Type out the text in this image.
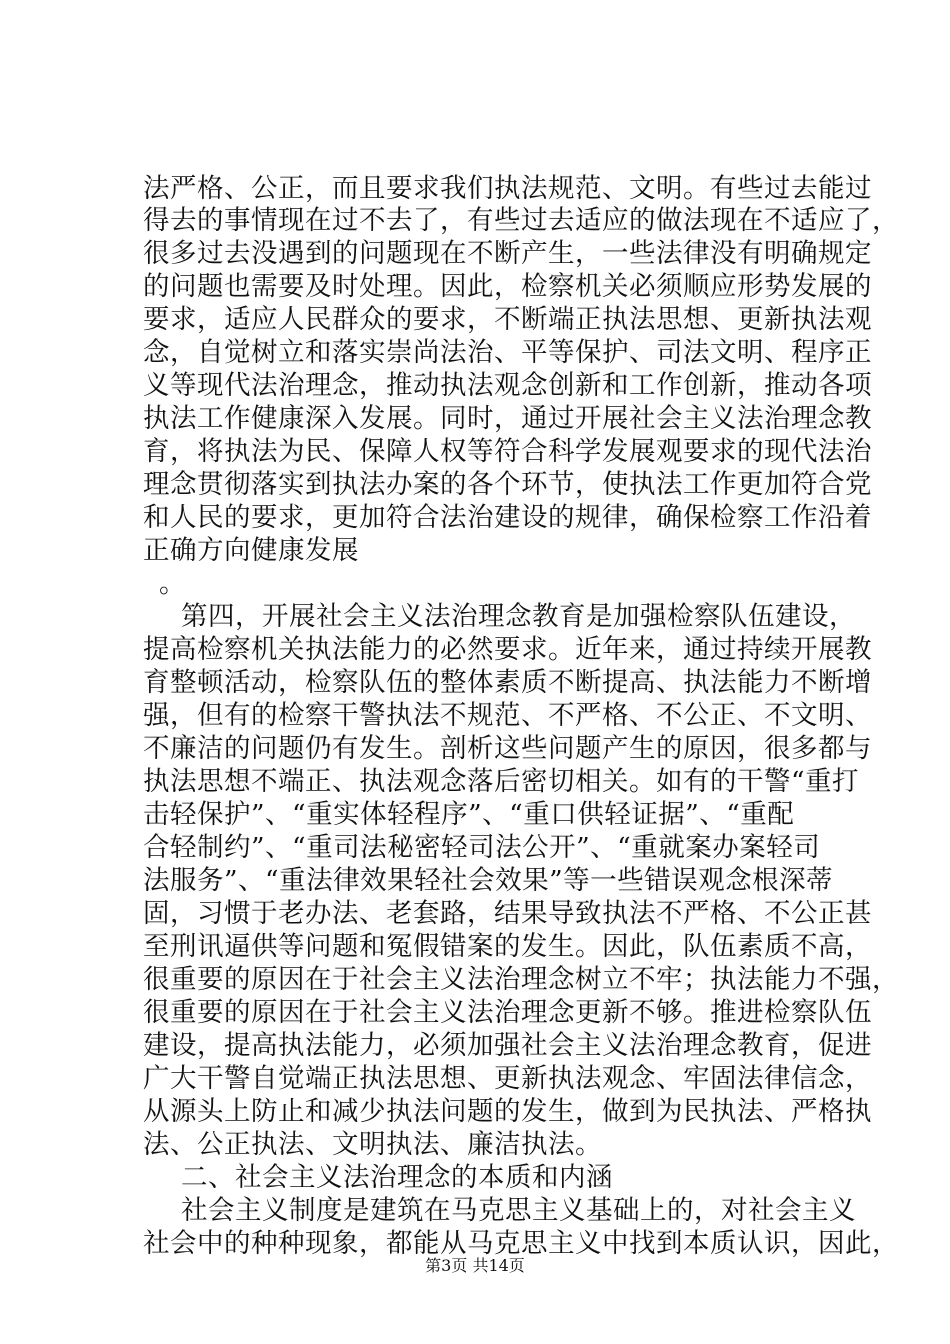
法严格、公正，而且要求我们执法规范、文明。有些过去能过
得去的事情现在过不去了，有些过去适应的做法现在不适应了，
很多过去没遇到的问题现在不断产生，一些法律没有明确规定
的问题也需要及时处理。因此，检察机关必须顺应形势发展的
要求，适应人民群众的要求，不断端正执法思想、更新执法观
念，自觉树立和落实崇尚法治、平等保护、司法文明、程序正
义等现代法治理念，推动执法观念创新和工作创新，推动各项
执法工作健康深入发展。同时，通过开展社会主义法治理念教
育，将执法为民、保障人权等符合科学发展观要求的现代法治
理念贯彻落实到执法办案的各个环节，使执法工作更加符合党
和人民的要求，更加符合法治建设的规律，确保检察工作沿着
正确方向健康发展
。
第四，开展社会主义法治理念教育是加强检察队伍建设，
提高检察机关执法能力的必然要求。近年来，通过持续开展教
育整顿活动，检察队伍的整体素质不断提高、执法能力不断增
强，但有的检察干警执法不规范、不严格、不公正、不文明、
不廉洁的问题仍有发生。剖析这些问题产生的原因，很多都与
执法思想不端正、执法观念落后密切相关。如有的干警“重打
击轻保护”、“重实体轻程序”、“重口供轻证据”、“重配
合轻制约”、“重司法秘密轻司法公开”、“重就案办案轻司
法服务”、“重法律效果轻社会效果”等一些错误观念根深蒂
固，习惯于老办法、老套路，结果导致执法不严格、不公正甚
至刑讯逼供等问题和冤假错案的发生。因此，队伍素质不高，
很重要的原因在于社会主义法治理念树立不牢；执法能力不强，
很重要的原因在于社会主义法治理念更新不够。推进检察队伍
建设，提高执法能力，必须加强社会主义法治理念教育，促进
广大干警自觉端正执法思想、更新执法观念、牢固法律信念，
从源头上防止和减少执法问题的发生，做到为民执法、严格执
法、公正执法、文明执法、廉洁执法。
二、社会主义法治理念的本质和内涵
社会主义制度是建筑在马克思主义基础上的，对社会主义
社会中的种种现象，都能从马克思主义中找到本质认识，因此，
第3页 共14页
